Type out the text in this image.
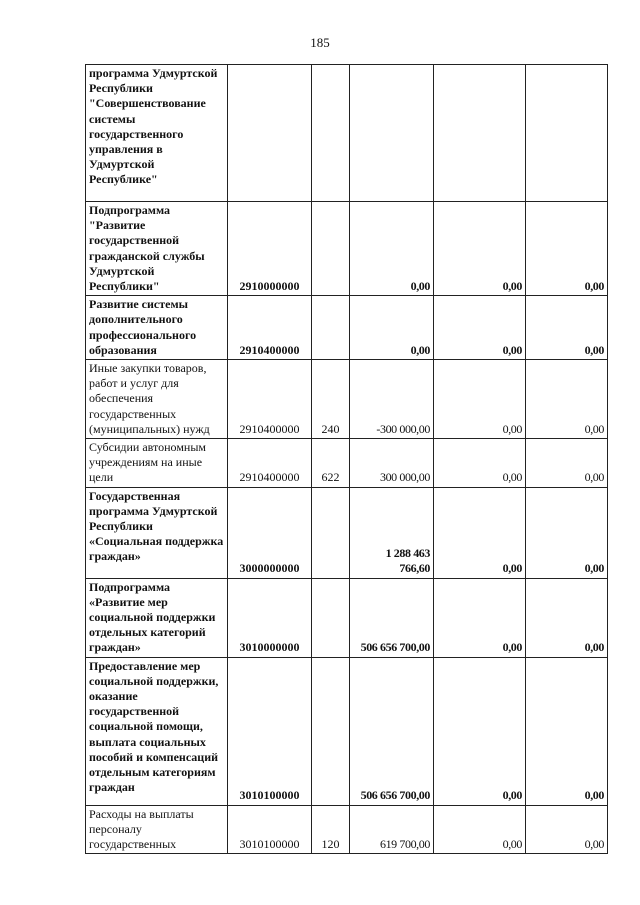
185
программа Удмуртской Республики "Совершенствование системы государственного управления в Удмуртской Республике"					
Подпрограмма "Развитие государственной гражданской службы Удмуртской Республики"	2910000000		0,00	0,00	0,00
Развитие системы дополнительного профессионального образования	2910400000		0,00	0,00	0,00
Иные закупки товаров, работ и услуг для обеспечения государственных (муниципальных) нужд	2910400000	240	-300 000,00	0,00	0,00
Субсидии автономным учреждениям на иные цели	2910400000	622	300 000,00	0,00	0,00
Государственная программа Удмуртской Республики «Социальная поддержка граждан»	3000000000		1 288 463 766,60	0,00	0,00
Подпрограмма «Развитие мер социальной поддержки отдельных категорий граждан»	3010000000		506 656 700,00	0,00	0,00
Предоставление мер социальной поддержки, оказание государственной социальной помощи, выплата социальных пособий и компенсаций отдельным категориям граждан	3010100000		506 656 700,00	0,00	0,00
Расходы на выплаты персоналу государственных	3010100000	120	619 700,00	0,00	0,00
